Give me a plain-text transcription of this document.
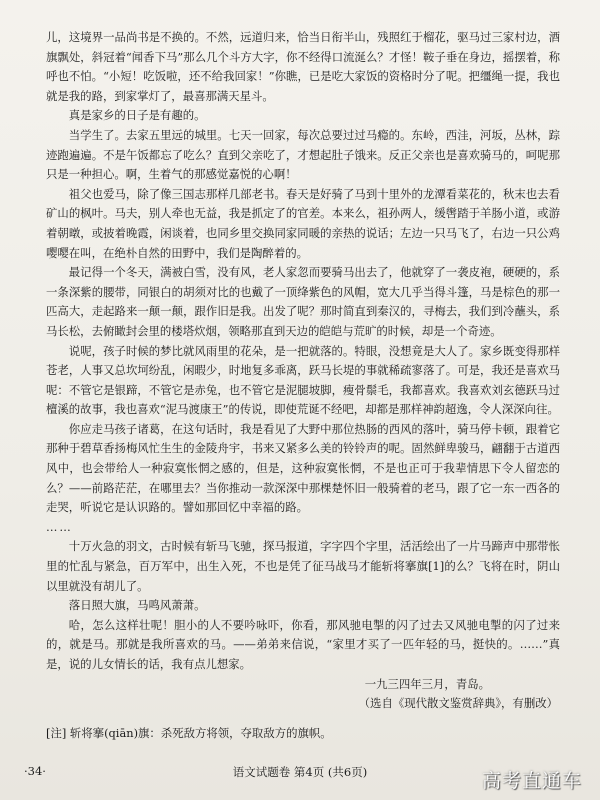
儿，这境界一品尚书是不换的。不然，远道归来，恰当日衔半山，残照红于榴花，驱马过三家村边，酒旗飘处，斜冠着“闻香下马”那么几个斗方大字，你不经得口流涎么？才怪！鞍子垂在身边，摇摆着，称呼也不怕。“小短！吃饭啦，还不给我回家！”你瞧，已是吃大家饭的资格时分了呢。把缰绳一提，我也就是我的路，到家掌灯了，最喜那满天星斗。

真是家乡的日子是有趣的。

当学生了。去家五里远的城里。七天一回家，每次总要过过马瘾的。东岭，西洼，河坂，丛林，踪迹跑遍遍。不是午饭都忘了吃么？直到父亲吃了，才想起肚子饿来。反正父亲也是喜欢骑马的，呵呢那只是一种担心。啊，生着气的那感觉嘉悦的心啊！

祖父也爱马，除了像三国志那样几部老书。春天是好骑了马到十里外的龙潭看菜花的，秋末也去看矿山的枫叶。马夫，别人牵也无益，我是抓定了的官差。本来么，祖孙两人，缓辔踏于羊肠小道，或游着朝暾，或披着晚霞，闲谈着，也同乡里交换同家同暖的亲热的说话；左边一只马飞了，右边一只公鸡嘤嘤在叫，在绝朴自然的田野中，我们是陶醉着的。

最记得一个冬天，满被白雪，没有风，老人家忽而要骑马出去了，他就穿了一袭皮袍，硬硬的，系一条深紫的腰带，同银白的胡须对比的也戴了一顶绛紫色的风帽，宽大几乎当得斗篷，马是棕色的那一匹高大，走起路来一颠一颠，跟作旧是我。出发了呢？那时简直到秦汉的，寻梅去，我们到冷蘸头，系马长松，去俯瞰封会里的楼塔炊烟，领略那直到天边的皑皑与荒旷的时候，却是一个奇迹。

说呢，孩子时候的梦比就风雨里的花朵，是一把就落的。特眼，没想竟是大人了。家乡既变得那样苍老，人事又总坎坷纷乱，闲暇少，时地复多乖离，跃马长堤的事就稀疏寥落了。可是，我还是喜欢马呢：不管它是银蹄，不管它是赤兔，也不管它是泥腿坡脚，瘦骨鬃毛，我都喜欢。我喜欢刘玄德跃马过檀溪的故事，我也喜欢“泥马渡康王”的传说，即使荒诞不经吧，却都是那样神韵超逸，令人深深向往。

你应走马孩子诸葛，在这句话时，我是看见了大野中那位热肠的西风的落叶，骑马停卡顿，跟着它那种于碧草香扬梅风忙生生的金陵舟宇，书来又紧多么美的铃铃声的呢。固然鲜卑骏马，翩翻于古道西风中，也会带给人一种寂寞怅惘之感的，但是，这种寂寞怅惘，不是也正可于我辈情思下令人留恋的么？——前路茫茫，在哪里去？当你推动一款深深中那棵楚怀旧一般骑着的老马，跟了它一东一西各的走哭，听说它是认识路的。譬如那回忆中幸福的路。

……

十万火急的羽文，古时候有斩马飞驰，探马报道，字字四个字里，活活绘出了一片马蹄声中那带怅里的忙乱与紧急，百万军中，出生入死，不也是凭了征马战马才能斩将搴旗[1]的么？飞将在时，阴山以里就没有胡儿了。

落日照大旗，马鸣风萧萧。

哈，怎么这样壮呢！胆小的人不要吟咏吓，你看，那风驰电掣的闪了过去又风驰电掣的闪了过来的，就是马。那就是我所喜欢的马。——弟弟来信说，“家里才买了一匹年轻的马，挺快的。……”真是，说的儿女情长的话，我有点儿想家。

一九三四年三月，青岛。

（选自《现代散文鉴赏辞典》，有删改）

[注] 斩将搴(qiān)旗：杀死敌方将领，夺取敌方的旗帜。

·34·	语文试题卷 第4页 (共6页)	高考直通车
